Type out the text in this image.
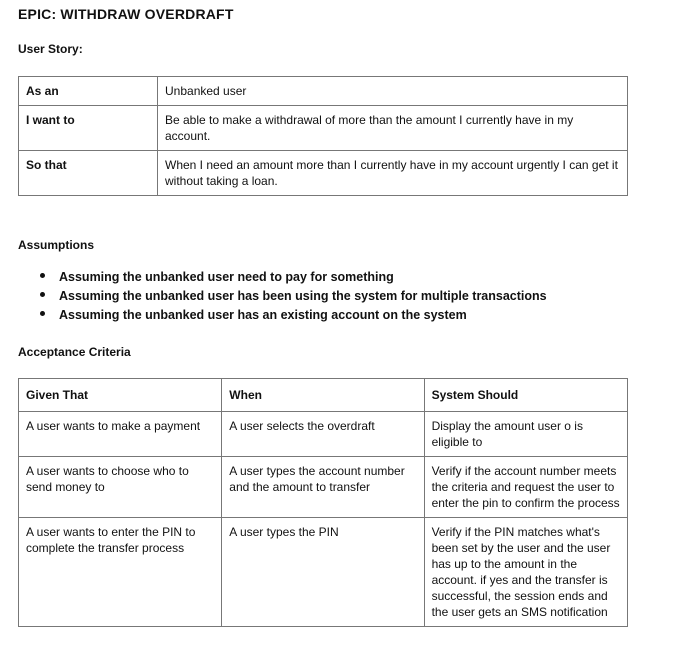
EPIC: WITHDRAW OVERDRAFT
User Story:
As an	Unbanked user
I want to	Be able to make a withdrawal of more than the amount I currently have in my account.
So that	When I need an amount more than I currently have in my account urgently I can get it without taking a loan.
Assumptions
Assuming the unbanked user need to pay for something
Assuming the unbanked user has been using the system for multiple transactions
Assuming the unbanked user has an existing account on the system
Acceptance Criteria
Given That	When	System Should
A user wants to make a payment	A user selects the overdraft	Display the amount user o is eligible to
A user wants to choose who to send money to	A user types the account number and the amount to transfer	Verify if the account number meets the criteria and request the user to enter the pin to confirm the process
A user wants to enter the PIN to complete the transfer process	A user types the PIN	Verify if the PIN matches what's been set by the user and the user has up to the amount in the account. if yes and the transfer is successful, the session ends and the user gets an SMS notification
